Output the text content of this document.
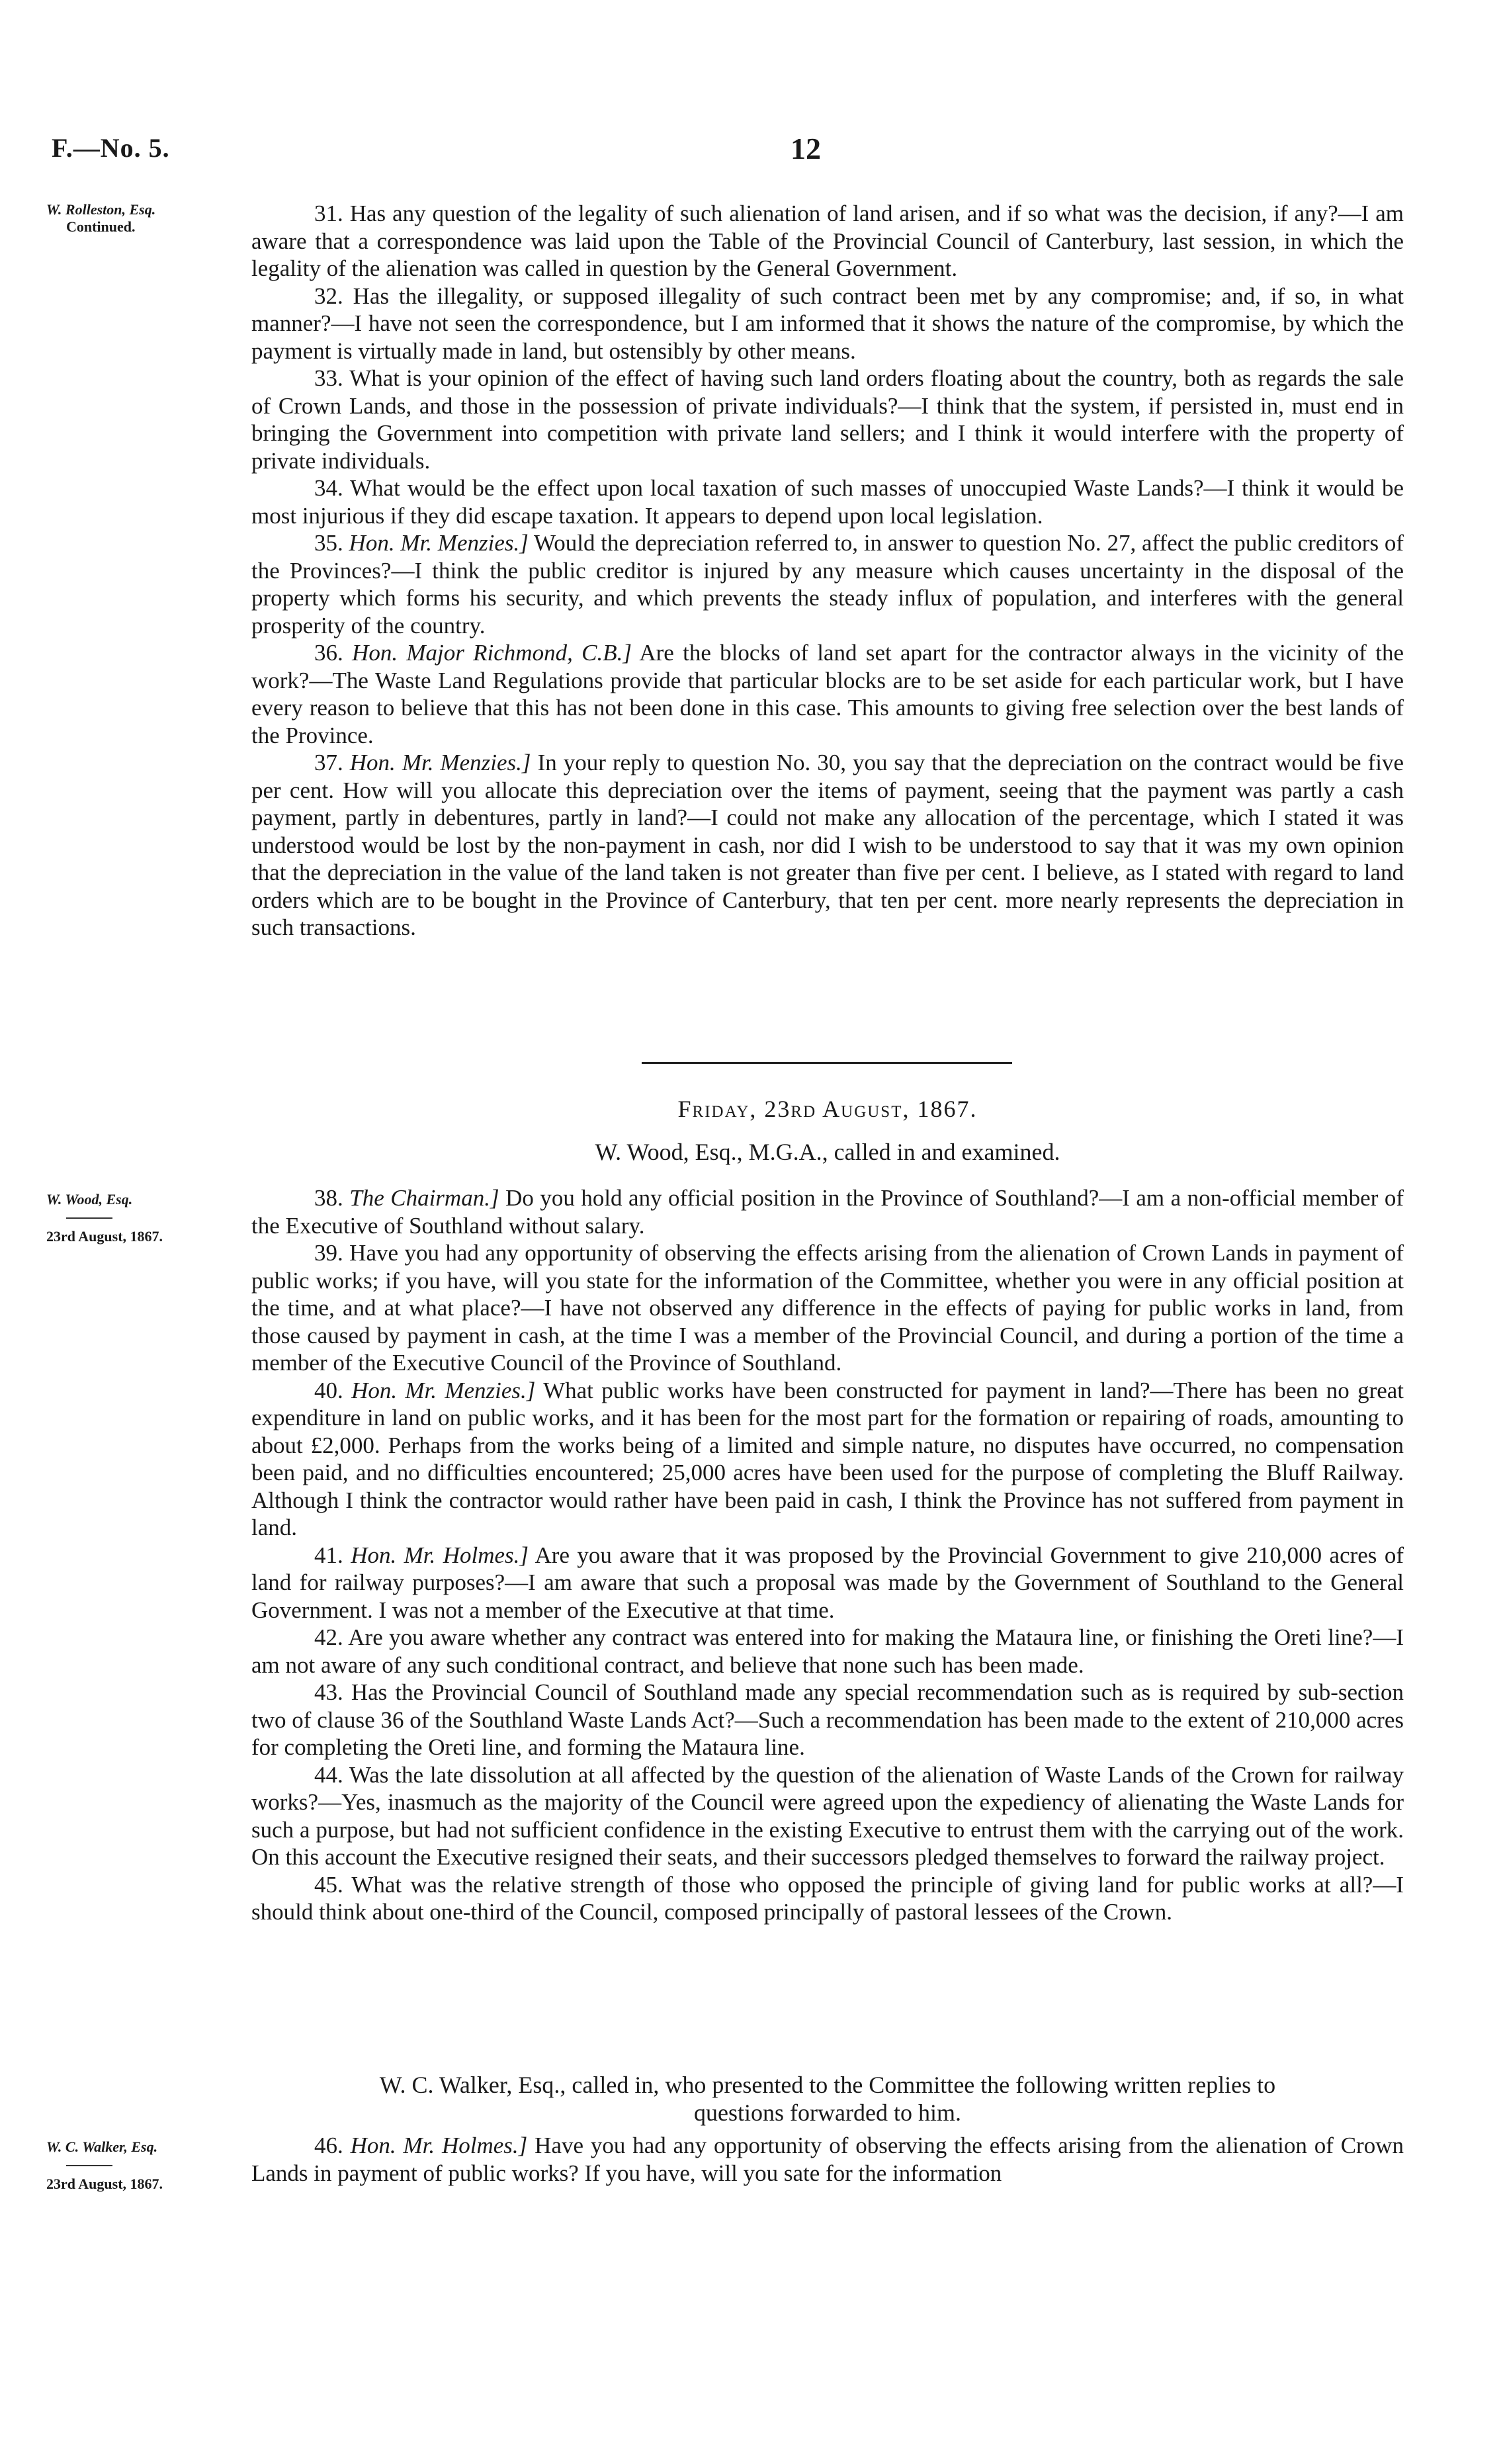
F.—No. 5.	12
W. Rolleston, Esq.
Continued.

31. Has any question of the legality of such alienation of land arisen, and if so what was the decision, if any?—I am aware that a correspondence was laid upon the Table of the Provincial Council of Canterbury, last session, in which the legality of the alienation was called in question by the General Government.

32. Has the illegality, or supposed illegality of such contract been met by any compromise; and, if so, in what manner?—I have not seen the correspondence, but I am informed that it shows the nature of the compromise, by which the payment is virtually made in land, but ostensibly by other means.

33. What is your opinion of the effect of having such land orders floating about the country, both as regards the sale of Crown Lands, and those in the possession of private individuals?—I think that the system, if persisted in, must end in bringing the Government into competition with private land sellers; and I think it would interfere with the property of private individuals.

34. What would be the effect upon local taxation of such masses of unoccupied Waste Lands?—I think it would be most injurious if they did escape taxation. It appears to depend upon local legislation.

35. Hon. Mr. Menzies.] Would the depreciation referred to, in answer to question No. 27, affect the public creditors of the Provinces?—I think the public creditor is injured by any measure which causes uncertainty in the disposal of the property which forms his security, and which prevents the steady influx of population, and interferes with the general prosperity of the country.

36. Hon. Major Richmond, C.B.] Are the blocks of land set apart for the contractor always in the vicinity of the work?—The Waste Land Regulations provide that particular blocks are to be set aside for each particular work, but I have every reason to believe that this has not been done in this case. This amounts to giving free selection over the best lands of the Province.

37. Hon. Mr. Menzies.] In your reply to question No. 30, you say that the depreciation on the contract would be five per cent. How will you allocate this depreciation over the items of payment, seeing that the payment was partly a cash payment, partly in debentures, partly in land?—I could not make any allocation of the percentage, which I stated it was understood would be lost by the non-payment in cash, nor did I wish to be understood to say that it was my own opinion that the depreciation in the value of the land taken is not greater than five per cent. I believe, as I stated with regard to land orders which are to be bought in the Province of Canterbury, that ten per cent. more nearly represents the depreciation in such transactions.

Friday, 23rd August, 1867.
W. Wood, Esq., M.G.A., called in and examined.
W. Wood, Esq.
23rd August, 1867.

38. The Chairman.] Do you hold any official position in the Province of Southland?—I am a non-official member of the Executive of Southland without salary.

39. Have you had any opportunity of observing the effects arising from the alienation of Crown Lands in payment of public works; if you have, will you state for the information of the Committee, whether you were in any official position at the time, and at what place?—I have not observed any difference in the effects of paying for public works in land, from those caused by payment in cash, at the time I was a member of the Provincial Council, and during a portion of the time a member of the Executive Council of the Province of Southland.

40. Hon. Mr. Menzies.] What public works have been constructed for payment in land?—There has been no great expenditure in land on public works, and it has been for the most part for the formation or repairing of roads, amounting to about £2,000. Perhaps from the works being of a limited and simple nature, no disputes have occurred, no compensation been paid, and no difficulties encountered; 25,000 acres have been used for the purpose of completing the Bluff Railway. Although I think the contractor would rather have been paid in cash, I think the Province has not suffered from payment in land.

41. Hon. Mr. Holmes.] Are you aware that it was proposed by the Provincial Government to give 210,000 acres of land for railway purposes?—I am aware that such a proposal was made by the Government of Southland to the General Government. I was not a member of the Executive at that time.

42. Are you aware whether any contract was entered into for making the Mataura line, or finishing the Oreti line?—I am not aware of any such conditional contract, and believe that none such has been made.

43. Has the Provincial Council of Southland made any special recommendation such as is required by sub-section two of clause 36 of the Southland Waste Lands Act?—Such a recommendation has been made to the extent of 210,000 acres for completing the Oreti line, and forming the Mataura line.

44. Was the late dissolution at all affected by the question of the alienation of Waste Lands of the Crown for railway works?—Yes, inasmuch as the majority of the Council were agreed upon the expediency of alienating the Waste Lands for such a purpose, but had not sufficient confidence in the existing Executive to entrust them with the carrying out of the work. On this account the Executive resigned their seats, and their successors pledged themselves to forward the railway project.

45. What was the relative strength of those who opposed the principle of giving land for public works at all?—I should think about one-third of the Council, composed principally of pastoral lessees of the Crown.

W. C. Walker, Esq., called in, who presented to the Committee the following written replies to
questions forwarded to him.
W. C. Walker, Esq.
23rd August, 1867.

46. Hon. Mr. Holmes.] Have you had any opportunity of observing the effects arising from the alienation of Crown Lands in payment of public works? If you have, will you sate for the information
